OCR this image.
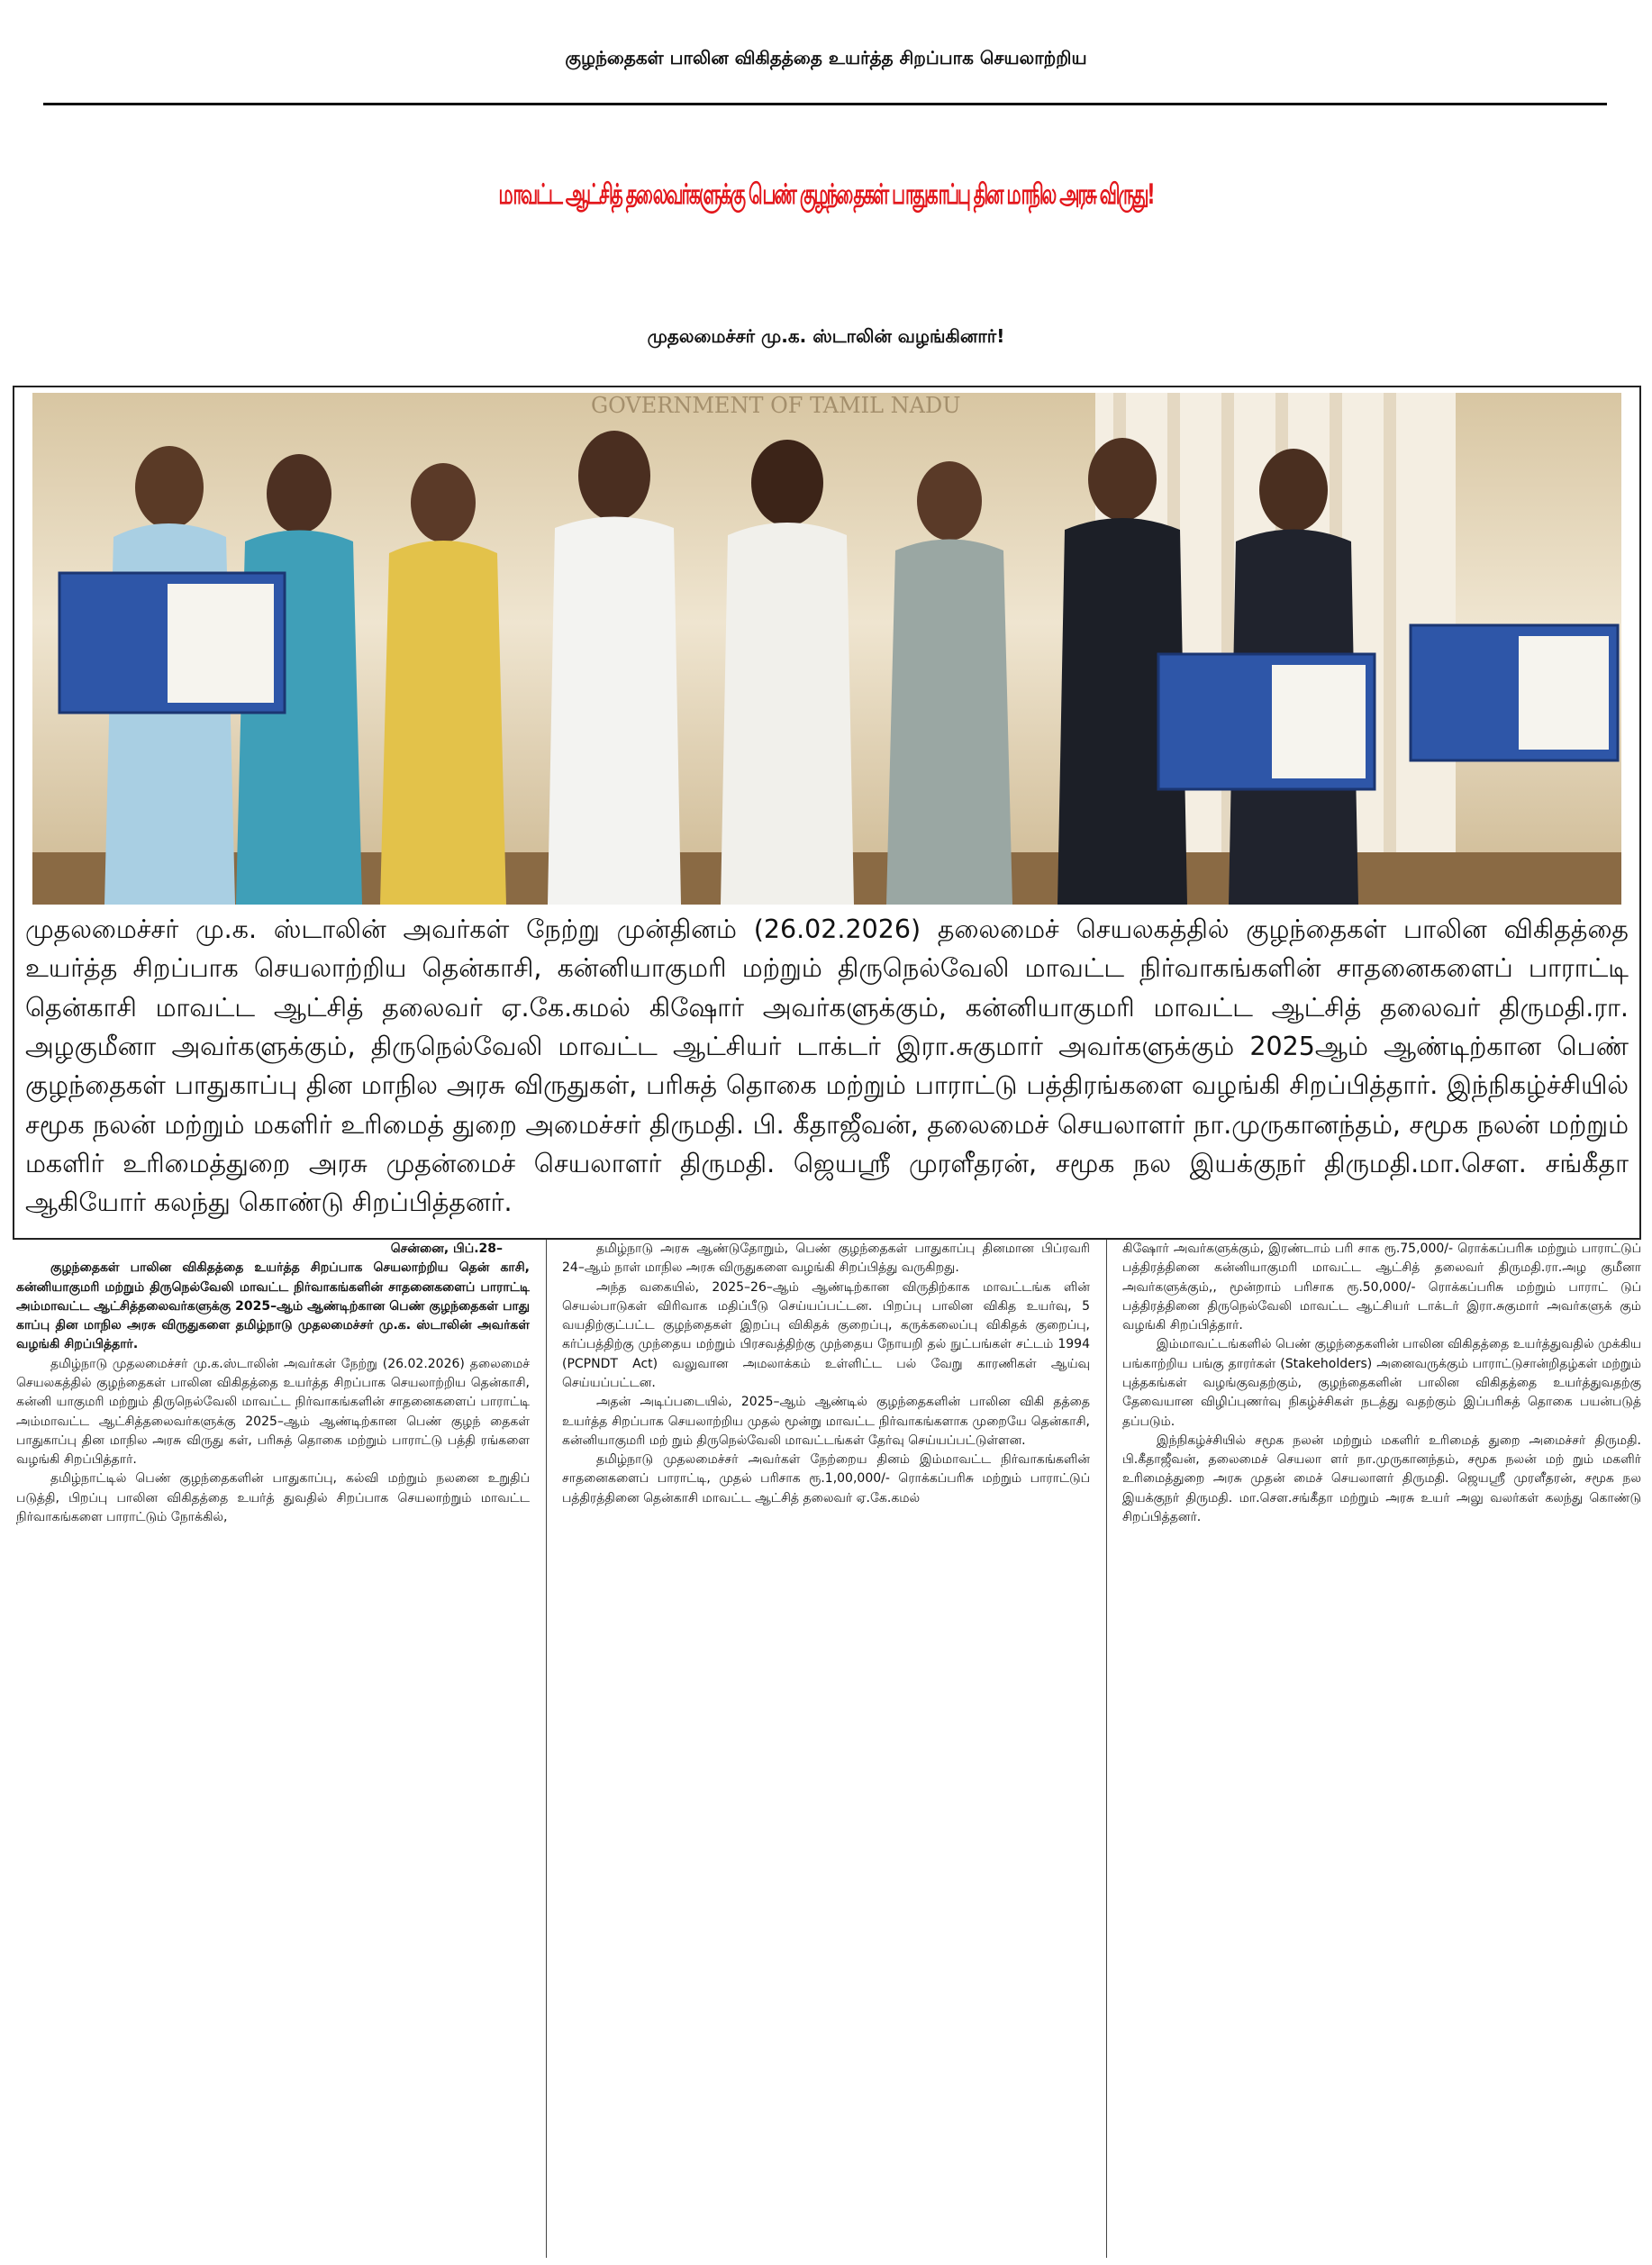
குழந்தைகள் பாலின விகிதத்தை உயர்த்த சிறப்பாக செயலாற்றிய
மாவட்ட ஆட்சித் தலைவர்களுக்கு பெண் குழந்தைகள் பாதுகாப்பு தின மாநில அரசு விருது!
முதலமைச்சர் மு.க. ஸ்டாலின் வழங்கினார்!
GOVERNMENT OF TAMIL NADU
முதலமைச்சர் மு.க. ஸ்டாலின் அவர்கள் நேற்று முன்தினம் (26.02.2026) தலைமைச் செயலகத்தில் குழந்தைகள் பாலின விகிதத்தை உயர்த்த சிறப்பாக செயலாற்றிய தென்காசி, கன்னியாகுமரி மற்றும் திருநெல்வேலி மாவட்ட நிர்வாகங்களின் சாதனைகளைப் பாராட்டி தென்காசி மாவட்ட ஆட்சித் தலைவர் ஏ.கே.கமல் கிஷோர் அவர்களுக்கும், கன்னியாகுமரி மாவட்ட ஆட்சித் தலைவர் திருமதி.ரா. அழகுமீனா அவர்களுக்கும், திருநெல்வேலி மாவட்ட ஆட்சியர் டாக்டர் இரா.சுகுமார் அவர்களுக்கும் 2025ஆம் ஆண்டிற்கான பெண் குழந்தைகள் பாதுகாப்பு தின மாநில அரசு விருதுகள், பரிசுத் தொகை மற்றும் பாராட்டு பத்திரங்களை வழங்கி சிறப்பித்தார். இந்நிகழ்ச்சியில் சமூக நலன் மற்றும் மகளிர் உரிமைத் துறை அமைச்சர் திருமதி. பி. கீதாஜீவன், தலைமைச் செயலாளர் நா.முருகானந்தம், சமூக நலன் மற்றும் மகளிர் உரிமைத்துறை அரசு முதன்மைச் செயலாளர் திருமதி. ஜெயஸ்ரீ முரளீதரன், சமூக நல இயக்குநர் திருமதி.மா.சௌ. சங்கீதா ஆகியோர் கலந்து கொண்டு சிறப்பித்தனர்.

சென்னை, பிப்.28–

குழந்தைகள் பாலின விகிதத்தை உயர்த்த சிறப்பாக செயலாற்றிய தென் காசி, கன்னியாகுமரி மற்றும் திருநெல்வேலி மாவட்ட நிர்வாகங்களின் சாதனைகளைப் பாராட்டி அம்மாவட்ட ஆட்சித்தலைவர்களுக்கு 2025–ஆம் ஆண்டிற்கான பெண் குழந்தைகள் பாது காப்பு தின மாநில அரசு விருதுகளை தமிழ்நாடு முதலமைச்சர் மு.க. ஸ்டாலின் அவர்கள் வழங்கி சிறப்பித்தார்.

தமிழ்நாடு முதலமைச்சர் மு.க.ஸ்டாலின் அவர்கள் நேற்று (26.02.2026) தலைமைச் செயலகத்தில் குழந்தைகள் பாலின விகிதத்தை உயர்த்த சிறப்பாக செயலாற்றிய தென்காசி, கன்னி யாகுமரி மற்றும் திருநெல்வேலி மாவட்ட நிர்வாகங்களின் சாதனைகளைப் பாராட்டி அம்மாவட்ட ஆட்சித்தலைவர்களுக்கு 2025–ஆம் ஆண்டிற்கான பெண் குழந் தைகள் பாதுகாப்பு தின மாநில அரசு விருது கள், பரிசுத் தொகை மற்றும் பாராட்டு பத்தி ரங்களை வழங்கி சிறப்பித்தார்.

தமிழ்நாட்டில் பெண் குழந்தைகளின் பாதுகாப்பு, கல்வி மற்றும் நலனை உறுதிப் படுத்தி, பிறப்பு பாலின விகிதத்தை உயர்த் துவதில் சிறப்பாக செயலாற்றும் மாவட்ட நிர்வாகங்களை பாராட்டும் நோக்கில்,

தமிழ்நாடு அரசு ஆண்டுதோறும், பெண் குழந்தைகள் பாதுகாப்பு தினமான பிப்ரவரி 24–ஆம் நாள் மாநில அரசு விருதுகளை வழங்கி சிறப்பித்து வருகிறது.

அந்த வகையில், 2025–26–ஆம் ஆண்டிற்கான விருதிற்காக மாவட்டங்க ளின் செயல்பாடுகள் விரிவாக மதிப்பீடு செய்யப்பட்டன. பிறப்பு பாலின விகித உயர்வு, 5 வயதிற்குட்பட்ட குழந்தைகள் இறப்பு விகிதக் குறைப்பு, கருக்கலைப்பு விகிதக் குறைப்பு, கர்ப்பத்திற்கு முந்தைய மற்றும் பிரசவத்திற்கு முந்தைய நோயறி தல் நுட்பங்கள் சட்டம் 1994 (PCPNDT Act) வலுவான அமலாக்கம் உள்ளிட்ட பல் வேறு காரணிகள் ஆய்வு செய்யப்பட்டன.

அதன் அடிப்படையில், 2025–ஆம் ஆண்டில் குழந்தைகளின் பாலின விகி தத்தை உயர்த்த சிறப்பாக செயலாற்றிய முதல் மூன்று மாவட்ட நிர்வாகங்களாக முறையே தென்காசி, கன்னியாகுமரி மற் றும் திருநெல்வேலி மாவட்டங்கள் தேர்வு செய்யப்பட்டுள்ளன.

தமிழ்நாடு முதலமைச்சர் அவர்கள் நேற்றைய தினம் இம்மாவட்ட நிர்வாகங்களின் சாதனைகளைப் பாராட்டி, முதல் பரிசாக ரூ.1,00,000/- ரொக்கப்பரிசு மற்றும் பாராட்டுப் பத்திரத்தினை தென்காசி மாவட்ட ஆட்சித் தலைவர் ஏ.கே.கமல்

கிஷோர் அவர்களுக்கும், இரண்டாம் பரி சாக ரூ.75,000/- ரொக்கப்பரிசு மற்றும் பாராட்டுப் பத்திரத்தினை கன்னியாகுமரி மாவட்ட ஆட்சித் தலைவர் திருமதி.ரா.அழ குமீனா அவர்களுக்கும்,, மூன்றாம் பரிசாக ரூ.50,000/- ரொக்கப்பரிசு மற்றும் பாராட் டுப் பத்திரத்தினை திருநெல்வேலி மாவட்ட ஆட்சியர் டாக்டர் இரா.சுகுமார் அவர்களுக் கும் வழங்கி சிறப்பித்தார்.

இம்மாவட்டங்களில் பெண் குழந்தைகளின் பாலின விகிதத்தை உயர்த்துவதில் முக்கிய பங்காற்றிய பங்கு தாரர்கள் (Stakeholders) அனைவருக்கும் பாராட்டுசான்றிதழ்கள் மற்றும் புத்தகங்கள் வழங்குவதற்கும், குழந்தைகளின் பாலின விகிதத்தை உயர்த்துவதற்கு தேவையான விழிப்புணர்வு நிகழ்ச்சிகள் நடத்து வதற்கும் இப்பரிசுத் தொகை பயன்படுத் தப்படும்.

இந்நிகழ்ச்சியில் சமூக நலன் மற்றும் மகளிர் உரிமைத் துறை அமைச்சர் திருமதி. பி.கீதாஜீவன், தலைமைச் செயலா ளர் நா.முருகானந்தம், சமூக நலன் மற் றும் மகளிர் உரிமைத்துறை அரசு முதன் மைச் செயலாளர் திருமதி. ஜெயஸ்ரீ முரளீதரன், சமூக நல இயக்குநர் திருமதி. மா.சௌ.சங்கீதா மற்றும் அரசு உயர் அலு வலர்கள் கலந்து கொண்டு சிறப்பித்தனர்.
